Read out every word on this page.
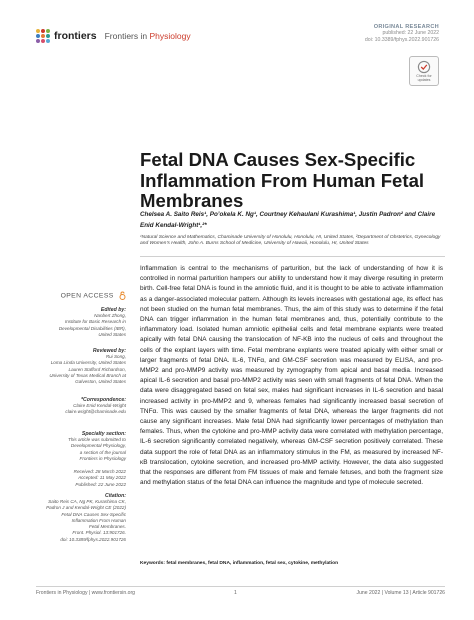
frontiers Frontiers in Physiology
ORIGINAL RESEARCH
published: 22 June 2022
doi: 10.3389/fphys.2022.901726
Check for
updates
Fetal DNA Causes Sex-Specific Inflammation From Human Fetal Membranes
Chelsea A. Saito Reis¹, Po’okela K. Ng¹, Courtney Kehaulani Kurashima¹, Justin Padron² and Claire Enid Kendal-Wright¹,²*
¹Natural Science and Mathematics, Chaminade University of Honolulu, Honolulu, HI, United States, ²Department of Obstetrics, Gynecology and Women’s Health, John A. Burns School of Medicine, University of Hawaii, Honolulu, HI, United States
OPEN ACCESS
Edited by:
Nanbert Zhong,
Institute for Basic Research in
Developmental Disabilities (IBR),
United States
Reviewed by:
Rui Song,
Loma Linda University, United States
Lauren Stafford Richardson,
University of Texas Medical Branch at
Galveston, United States
*Correspondence:
Claire Enid Kendal-Wright
claire.wright@chaminade.edu
Specialty section:
This article was submitted to
Developmental Physiology,
a section of the journal
Frontiers in Physiology
Received: 28 March 2022
Accepted: 11 May 2022
Published: 22 June 2022
Citation:
Saito Reis CA, Ng PK, Kurashima CK,
Padron J and Kendal-Wright CE (2022)
Fetal DNA Causes Sex-Specific
Inflammation From Human
Fetal Membranes.
Front. Physiol. 13:901726.
doi: 10.3389/fphys.2022.901726
Inflammation is central to the mechanisms of parturition, but the lack of understanding of how it is controlled in normal parturition hampers our ability to understand how it may diverge resulting in preterm birth. Cell-free fetal DNA is found in the amniotic fluid, and it is thought to be able to activate inflammation as a danger-associated molecular pattern. Although its levels increases with gestational age, its effect has not been studied on the human fetal membranes. Thus, the aim of this study was to determine if the fetal DNA can trigger inflammation in the human fetal membranes and, thus, potentially contribute to the inflammatory load. Isolated human amniotic epithelial cells and fetal membrane explants were treated apically with fetal DNA causing the translocation of NF-KB into the nucleus of cells and throughout the cells of the explant layers with time. Fetal membrane explants were treated apically with either small or larger fragments of fetal DNA. IL-6, TNFα, and GM-CSF secretion was measured by ELISA, and pro-MMP2 and pro-MMP9 activity was measured by zymography from apical and basal media. Increased apical IL-6 secretion and basal pro-MMP2 activity was seen with small fragments of fetal DNA. When the data were disaggregated based on fetal sex, males had significant increases in IL-6 secretion and basal increased activity in pro-MMP2 and 9, whereas females had significantly increased basal secretion of TNFα. This was caused by the smaller fragments of fetal DNA, whereas the larger fragments did not cause any significant increases. Male fetal DNA had significantly lower percentages of methylation than females. Thus, when the cytokine and pro-MMP activity data were correlated with methylation percentage, IL-6 secretion significantly correlated negatively, whereas GM-CSF secretion positively correlated. These data support the role of fetal DNA as an inflammatory stimulus in the FM, as measured by increased NF-κB translocation, cytokine secretion, and increased pro-MMP activity. However, the data also suggested that the responses are different from FM tissues of male and female fetuses, and both the fragment size and methylation status of the fetal DNA can influence the magnitude and type of molecule secreted.
Keywords: fetal membranes, fetal DNA, inflammation, fetal sex, cytokine, methylation
Frontiers in Physiology | www.frontiersin.org	1	June 2022 | Volume 13 | Article 901726
